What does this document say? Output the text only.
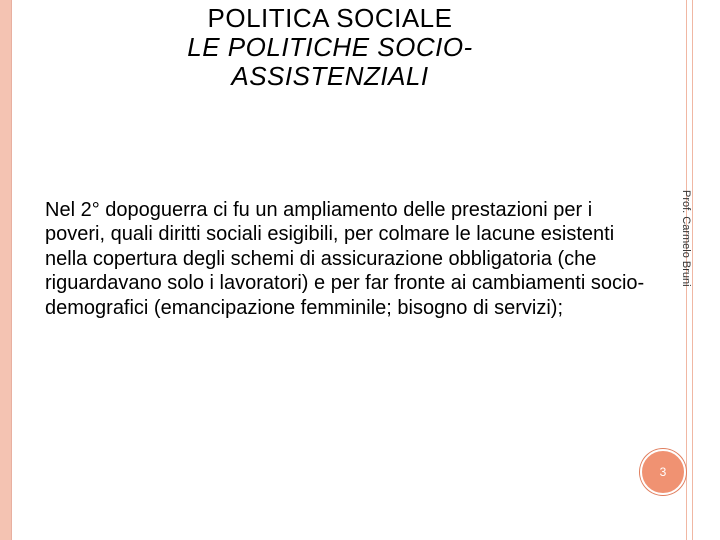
POLITICA SOCIALE
LE POLITICHE SOCIO-
ASSISTENZIALI

Nel 2° dopoguerra ci fu un ampliamento delle prestazioni per i poveri, quali diritti sociali esigibili, per colmare le lacune esistenti nella copertura degli schemi di assicurazione obbligatoria (che riguardavano solo i lavoratori) e per far fronte ai cambiamenti socio-demografici (emancipazione femminile; bisogno di servizi);

Prof. Carmelo Bruni
3
